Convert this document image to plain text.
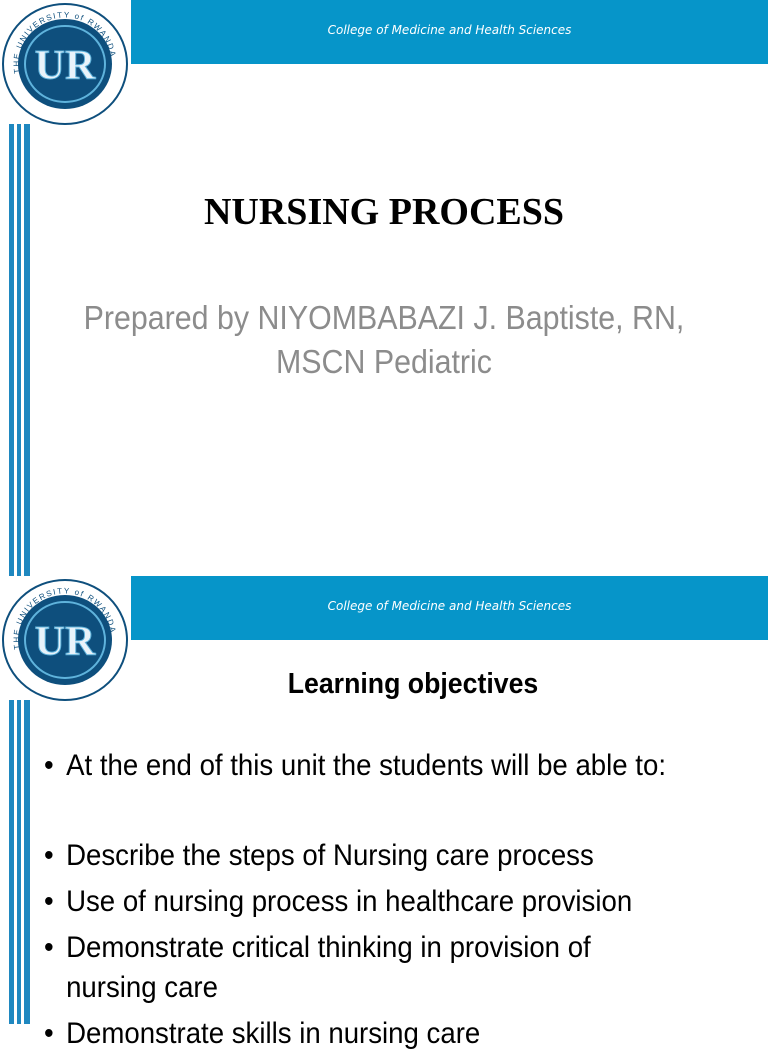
College of Medicine and Health Sciences
THE UNIVERSITY of RWANDA
UR
NURSING PROCESS
Prepared by NIYOMBABAZI J. Baptiste, RN,
MSCN Pediatric
College of Medicine and Health Sciences
THE UNIVERSITY of RWANDA
UR
Learning objectives
• At the end of this unit the students will be able to:
• Describe the steps of Nursing care process
• Use of nursing process in healthcare provision
• Demonstrate critical thinking in provision of nursing care
• Demonstrate skills in nursing care
